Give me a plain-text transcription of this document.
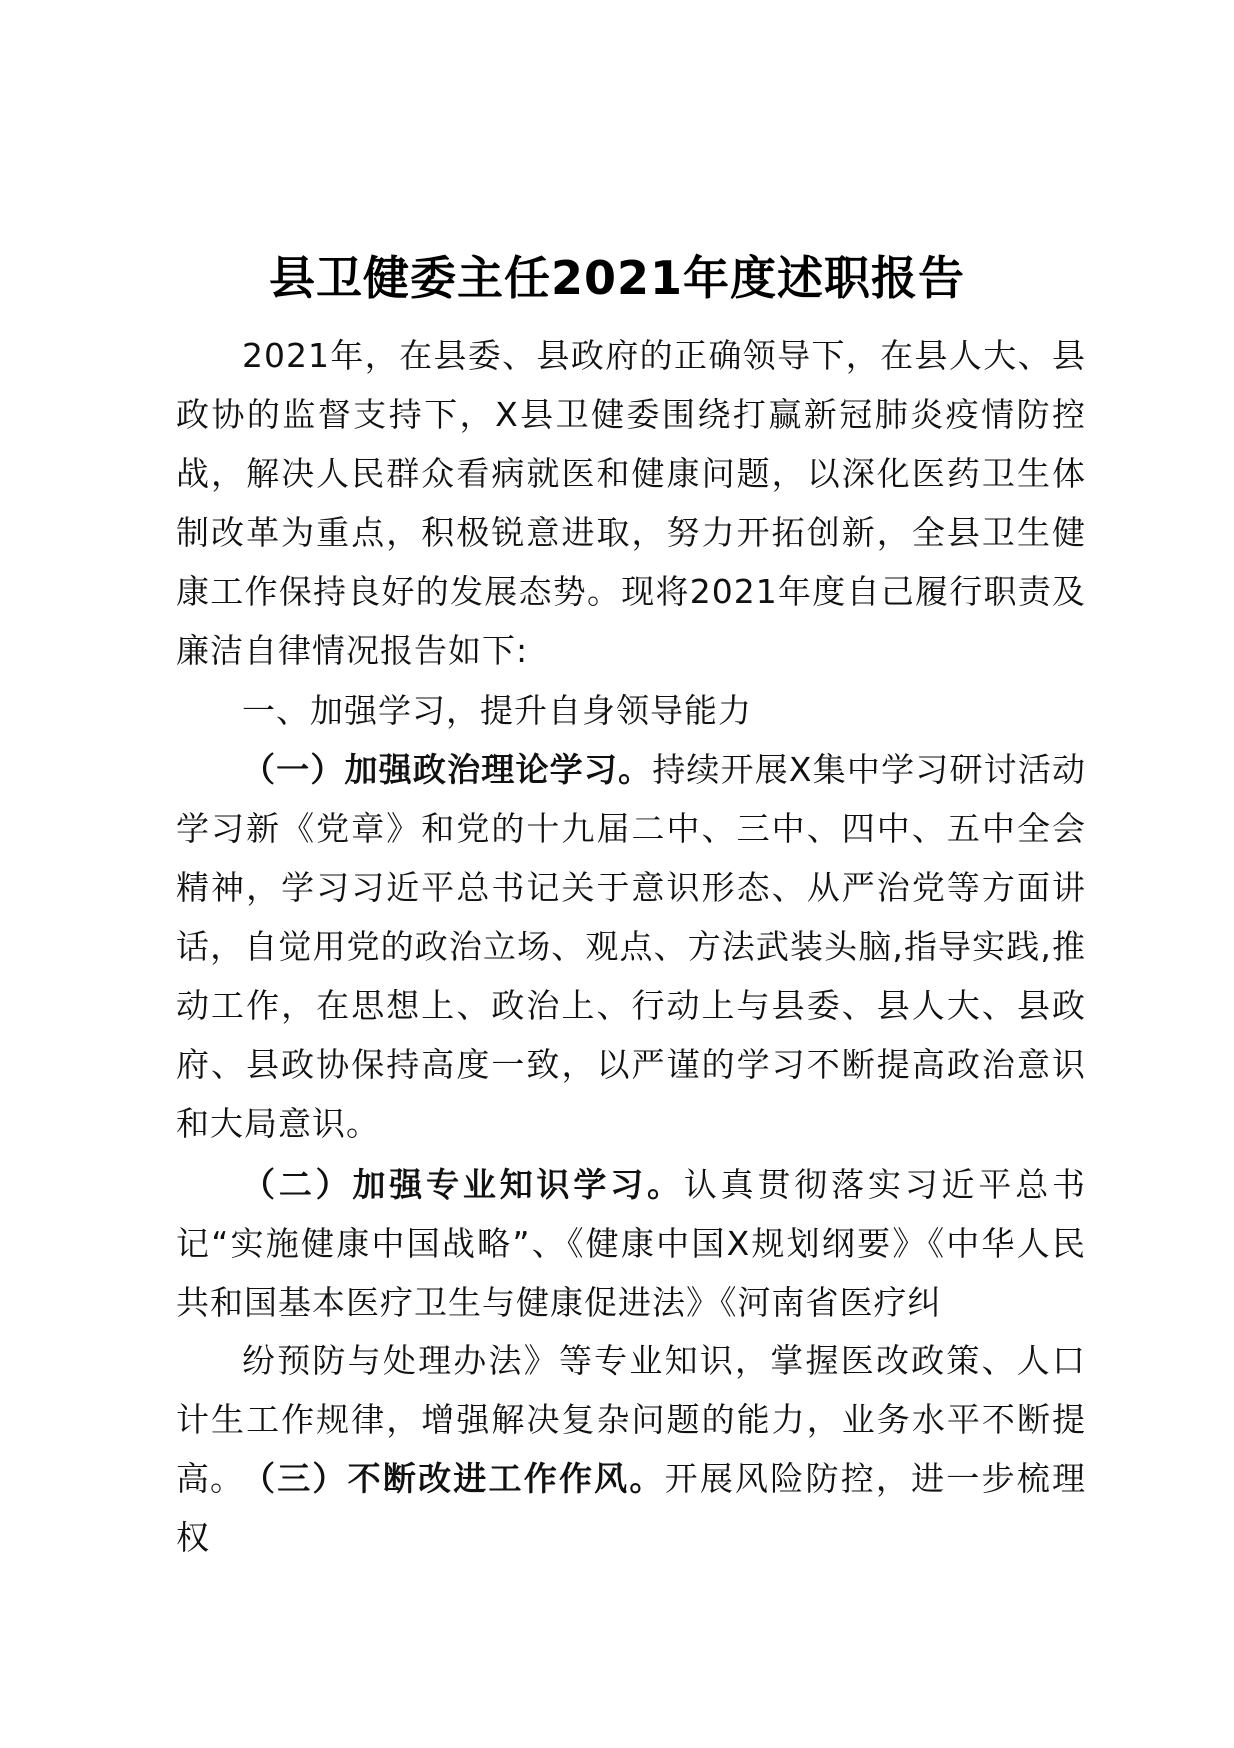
县卫健委主任2021年度述职报告

2021年，在县委、县政府的正确领导下，在县人大、县政协的监督支持下，X县卫健委围绕打赢新冠肺炎疫情防控战，解决人民群众看病就医和健康问题，以深化医药卫生体制改革为重点，积极锐意进取，努力开拓创新，全县卫生健康工作保持良好的发展态势。现将2021年度自己履行职责及廉洁自律情况报告如下:

一、加强学习，提升自身领导能力

（一）加强政治理论学习。持续开展X集中学习研讨活动学习新《党章》和党的十九届二中、三中、四中、五中全会精神，学习习近平总书记关于意识形态、从严治党等方面讲话，自觉用党的政治立场、观点、方法武装头脑,指导实践,推动工作，在思想上、政治上、行动上与县委、县人大、县政府、县政协保持高度一致，以严谨的学习不断提高政治意识和大局意识。

（二）加强专业知识学习。认真贯彻落实习近平总书记“实施健康中国战略”、《健康中国X规划纲要》《中华人民共和国基本医疗卫生与健康促进法》《河南省医疗纠

纷预防与处理办法》等专业知识，掌握医改政策、人口计生工作规律，增强解决复杂问题的能力，业务水平不断提高。

（三）不断改进工作作风。开展风险防控，进一步梳理权
